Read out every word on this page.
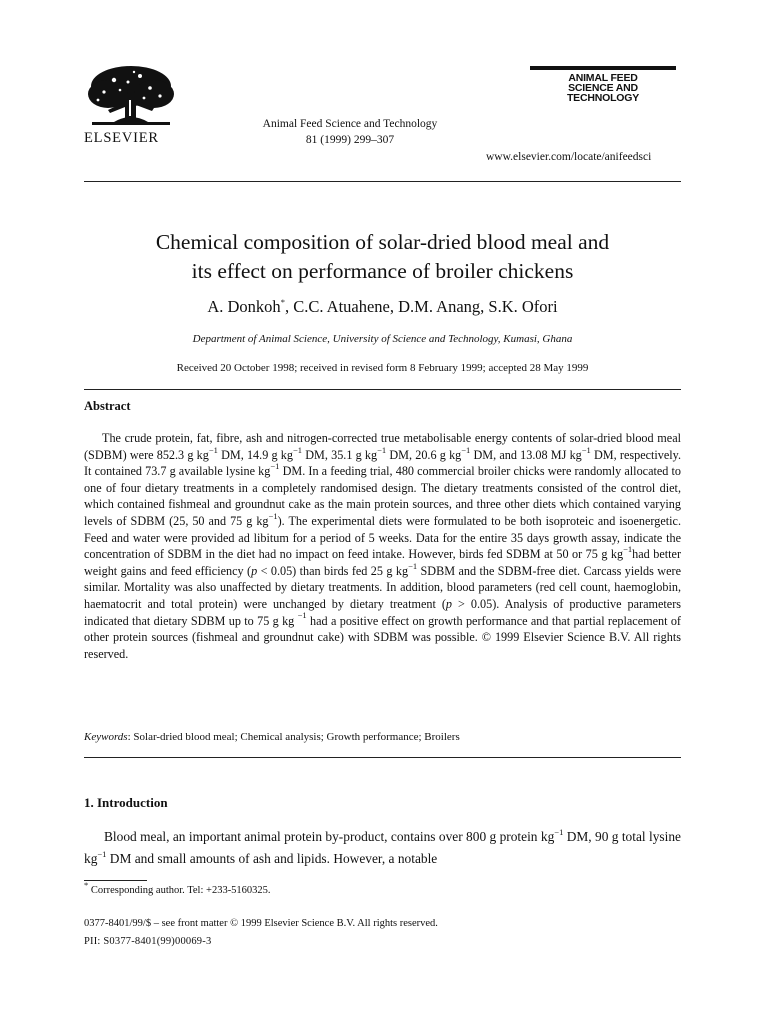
ELSEVIER
Animal Feed Science and Technology
81 (1999) 299–307
ANIMAL FEED
SCIENCE AND
TECHNOLOGY
www.elsevier.com/locate/anifeedsci
Chemical composition of solar-dried blood meal and
its effect on performance of broiler chickens
A. Donkoh*, C.C. Atuahene, D.M. Anang, S.K. Ofori
Department of Animal Science, University of Science and Technology, Kumasi, Ghana
Received 20 October 1998; received in revised form 8 February 1999; accepted 28 May 1999
Abstract

The crude protein, fat, fibre, ash and nitrogen-corrected true metabolisable energy contents of solar-dried blood meal (SDBM) were 852.3 g $kg^{-1}$ DM, 14.9 g $kg^{-1}$ DM, 35.1 g $kg^{-1}$ DM, 20.6 g $kg^{-1}$ DM, and 13.08 MJ $kg^{-1}$ DM, respectively. It contained 73.7 g available lysine $kg^{-1}$ DM. In a feeding trial, 480 commercial broiler chicks were randomly allocated to one of four dietary treatments in a completely randomised design. The dietary treatments consisted of the control diet, which contained fishmeal and groundnut cake as the main protein sources, and three other diets which contained varying levels of SDBM (25, 50 and 75 g $kg^{-1}$). The experimental diets were formulated to be both isoproteic and isoenergetic. Feed and water were provided ad libitum for a period of 5 weeks. Data for the entire 35 days growth assay, indicate the concentration of SDBM in the diet had no impact on feed intake. However, birds fed SDBM at 50 or 75 g $kg^{-1}had$ better weight gains and feed efficiency (p < 0.05) than birds fed 25 g $kg^{-1}$ SDBM and the SDBM-free diet. Carcass yields were similar. Mortality was also unaffected by dietary treatments. In addition, blood parameters (red cell count, haemoglobin, haematocrit and total protein) were unchanged by dietary treatment (p > 0.05). Analysis of productive parameters indicated that dietary SDBM up to 75 g kg $^{-1}$ had a positive effect on growth performance and that partial replacement of other protein sources (fishmeal and groundnut cake) with SDBM was possible. © 1999 Elsevier Science B.V. All rights reserved.

Keywords: Solar-dried blood meal; Chemical analysis; Growth performance; Broilers
1. Introduction

Blood meal, an important animal protein by-product, contains over 800 g protein $kg^{-1}$ DM, 90 g total lysine $kg^{-1}$ DM and small amounts of ash and lipids. However, a notable

* Corresponding author. Tel: +233-5160325.
0377-8401/99/$ – see front matter © 1999 Elsevier Science B.V. All rights reserved.
PII: S0377-8401(99)00069-3
